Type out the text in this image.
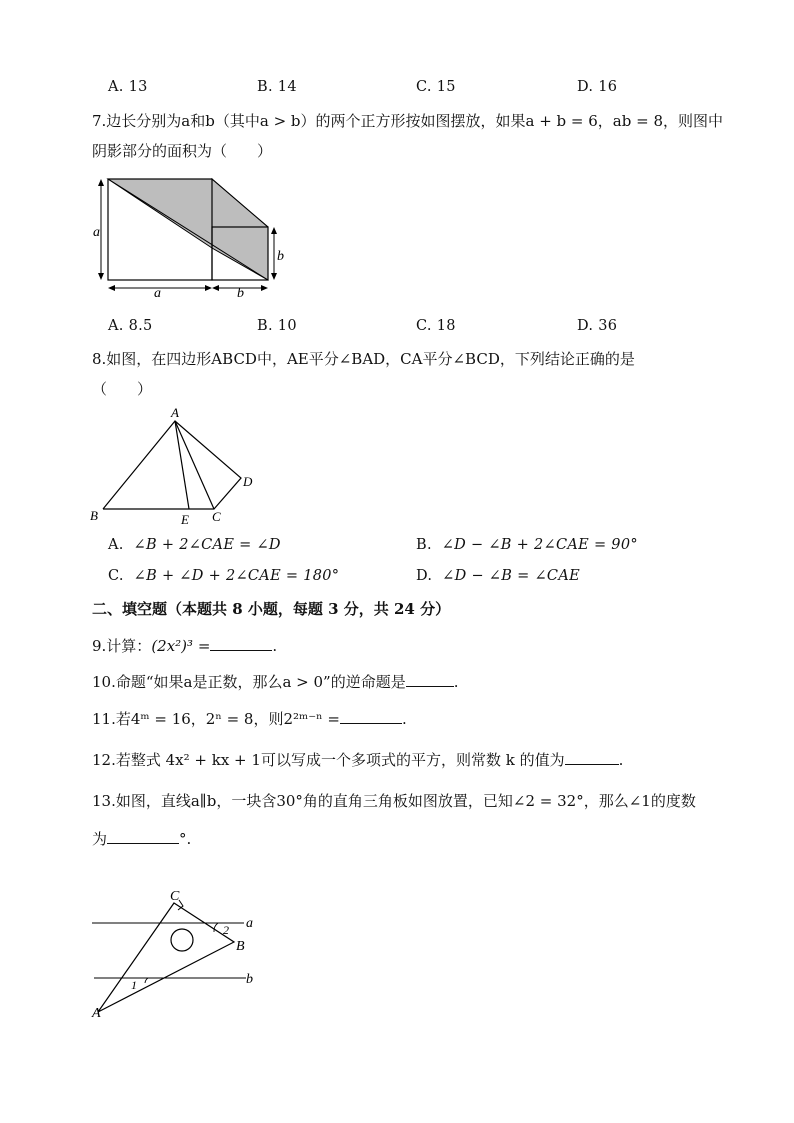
A. 13	B. 14	C. 15	D. 16
7.边长分别为a和b（其中a > b）的两个正方形按如图摆放，如果a + b = 6，ab = 8，则图中
阴影部分的面积为（　　）
a
a	b
b
A. 8.5	B. 10	C. 18	D. 36
8.如图，在四边形ABCD中，AE平分∠BAD，CA平分∠BCD，下列结论正确的是
（　　）
A
B	E C
D
A. ∠B + 2∠CAE = ∠D	B. ∠D − ∠B + 2∠CAE = 90°
C. ∠B + ∠D + 2∠CAE = 180°	D. ∠D − ∠B = ∠CAE
二、填空题（本题共 8 小题，每题 3 分，共 24 分）
9.计算：(2x²)³ =	.
10.命题“如果a是正数，那么a > 0”的逆命题是	.
11.若4ᵐ = 16，2ⁿ = 8，则2²ᵐ⁻ⁿ =	.
12.若整式 4x² + kx + 1可以写成一个多项式的平方，则常数 k 的值为	.
13.如图，直线a∥b，一块含30°角的直角三角板如图放置，已知∠2 = 32°，那么∠1的度数
为	°.
C
a
B
b
A
1
2
